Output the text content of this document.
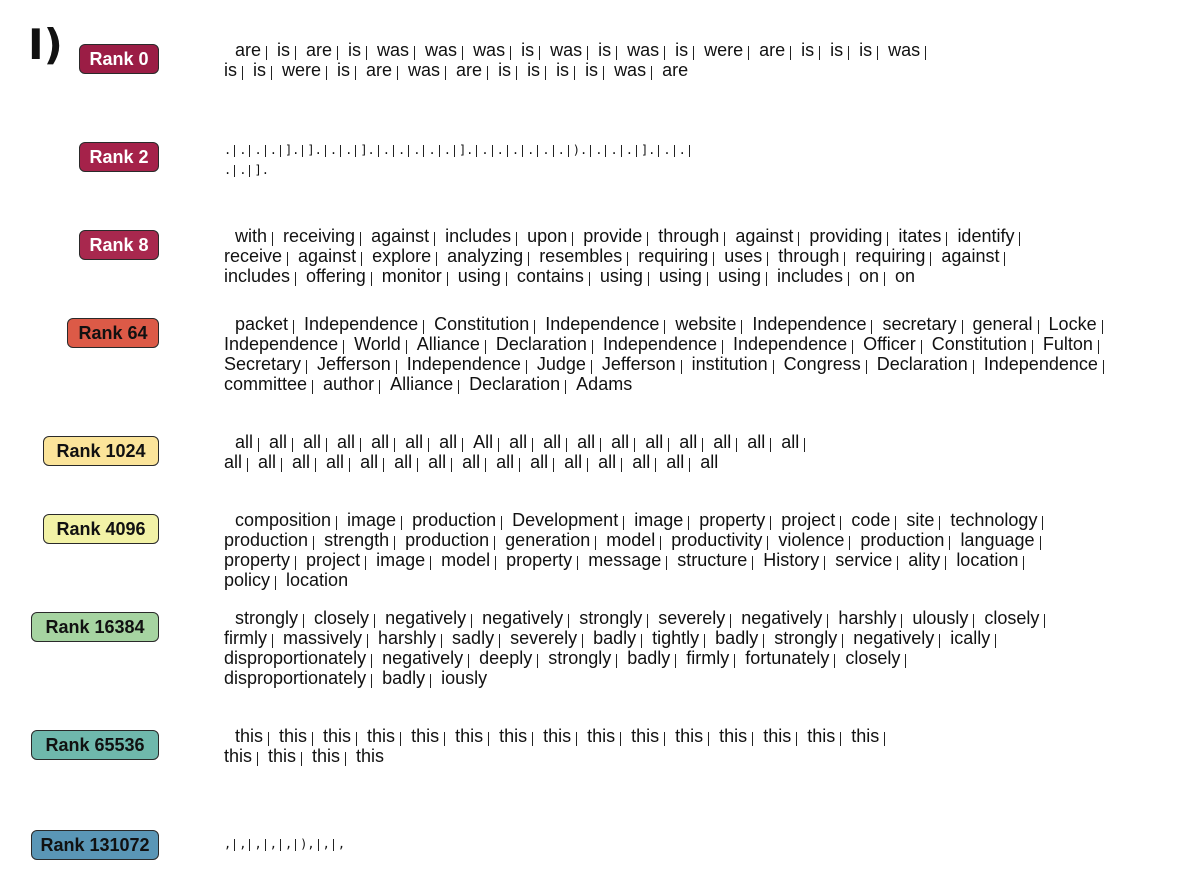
I)	Rank 0	are is are is was was was is was is was is were are is is is was
is is were is are was are is is is is was are
Rank 2	. . . . ]. ]. . . ]. . . . . . ]. . . . . . . ). . . . ]. . .
. . ].
Rank 8	with receiving against includes upon provide through against providing itates identify
receive against explore analyzing resembles requiring uses through requiring against
includes offering monitor using contains using using using includes on on
Rank 64	packet Independence Constitution Independence website Independence secretary general Locke
Independence World Alliance Declaration Independence Independence Officer Constitution Fulton
Secretary Jefferson Independence Judge Jefferson institution Congress Declaration Independence
committee author Alliance Declaration Adams
Rank 1024	all all all all all all all All all all all all all all all all all
all all all all all all all all all all all all all all all
Rank 4096	composition image production Development image property project code site technology
production strength production generation model productivity violence production language
property project image model property message structure History service ality location
policy location
Rank 16384	strongly closely negatively negatively strongly severely negatively harshly ulously closely
firmly massively harshly sadly severely badly tightly badly strongly negatively ically
disproportionately negatively deeply strongly badly firmly fortunately closely
disproportionately badly iously
Rank 65536	this this this this this this this this this this this this this this this
this this this this
Rank 131072	, , , , , ), , ,
